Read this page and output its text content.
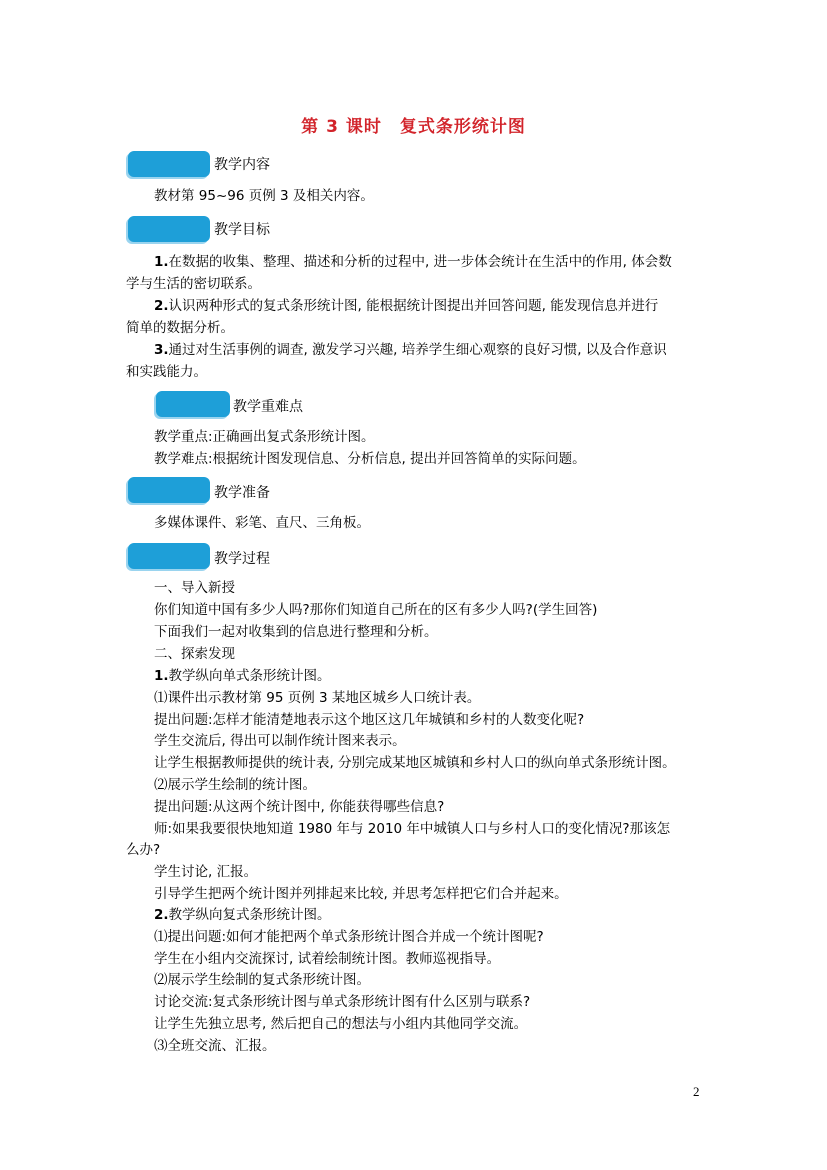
第 3 课时　复式条形统计图
教学内容
教材第 95~96 页例 3 及相关内容。
教学目标
1.在数据的收集、整理、描述和分析的过程中, 进一步体会统计在生活中的作用, 体会数
学与生活的密切联系。
2.认识两种形式的复式条形统计图, 能根据统计图提出并回答问题, 能发现信息并进行
简单的数据分析。
3.通过对生活事例的调查, 激发学习兴趣, 培养学生细心观察的良好习惯, 以及合作意识
和实践能力。
教学重难点
教学重点:正确画出复式条形统计图。
教学难点:根据统计图发现信息、分析信息, 提出并回答简单的实际问题。
教学准备
多媒体课件、彩笔、直尺、三角板。
教学过程
一、导入新授
你们知道中国有多少人吗?那你们知道自己所在的区有多少人吗?(学生回答)
下面我们一起对收集到的信息进行整理和分析。
二、探索发现
1.教学纵向单式条形统计图。
⑴课件出示教材第 95 页例 3 某地区城乡人口统计表。
提出问题:怎样才能清楚地表示这个地区这几年城镇和乡村的人数变化呢?
学生交流后, 得出可以制作统计图来表示。
让学生根据教师提供的统计表, 分别完成某地区城镇和乡村人口的纵向单式条形统计图。
⑵展示学生绘制的统计图。
提出问题:从这两个统计图中, 你能获得哪些信息?
师:如果我要很快地知道 1980 年与 2010 年中城镇人口与乡村人口的变化情况?那该怎
么办?
学生讨论, 汇报。
引导学生把两个统计图并列排起来比较, 并思考怎样把它们合并起来。
2.教学纵向复式条形统计图。
⑴提出问题:如何才能把两个单式条形统计图合并成一个统计图呢?
学生在小组内交流探讨, 试着绘制统计图。教师巡视指导。
⑵展示学生绘制的复式条形统计图。
讨论交流:复式条形统计图与单式条形统计图有什么区别与联系?
让学生先独立思考, 然后把自己的想法与小组内其他同学交流。
⑶全班交流、汇报。
2
